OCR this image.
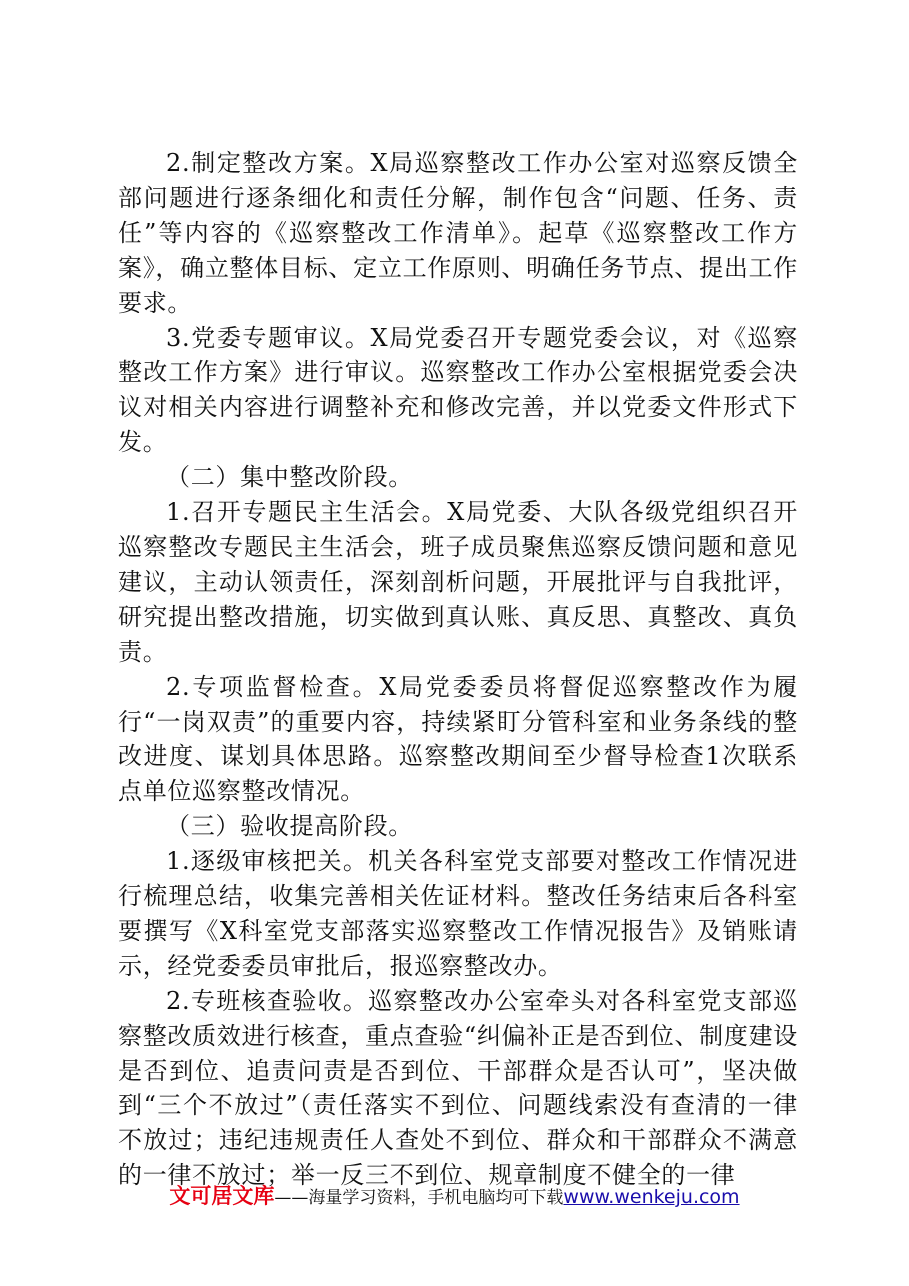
2.制定整改方案。X局巡察整改工作办公室对巡察反馈全部问题进行逐条细化和责任分解，制作包含“问题、任务、责任”等内容的《巡察整改工作清单》。起草《巡察整改工作方案》，确立整体目标、定立工作原则、明确任务节点、提出工作要求。

3.党委专题审议。X局党委召开专题党委会议，对《巡察整改工作方案》进行审议。巡察整改工作办公室根据党委会决议对相关内容进行调整补充和修改完善，并以党委文件形式下发。

（二）集中整改阶段。

1.召开专题民主生活会。X局党委、大队各级党组织召开巡察整改专题民主生活会，班子成员聚焦巡察反馈问题和意见建议，主动认领责任，深刻剖析问题，开展批评与自我批评，研究提出整改措施，切实做到真认账、真反思、真整改、真负责。

2.专项监督检查。X局党委委员将督促巡察整改作为履行“一岗双责”的重要内容，持续紧盯分管科室和业务条线的整改进度、谋划具体思路。巡察整改期间至少督导检查1次联系点单位巡察整改情况。

（三）验收提高阶段。

1.逐级审核把关。机关各科室党支部要对整改工作情况进行梳理总结，收集完善相关佐证材料。整改任务结束后各科室要撰写《X科室党支部落实巡察整改工作情况报告》及销账请示，经党委委员审批后，报巡察整改办。

2.专班核查验收。巡察整改办公室牵头对各科室党支部巡察整改质效进行核查，重点查验“纠偏补正是否到位、制度建设是否到位、追责问责是否到位、干部群众是否认可”，坚决做到“三个不放过”（责任落实不到位、问题线索没有查清的一律不放过；违纪违规责任人查处不到位、群众和干部群众不满意的一律不放过；举一反三不到位、规章制度不健全的一律

文可居文库——海量学习资料，手机电脑均可下载www.wenkeju.com
